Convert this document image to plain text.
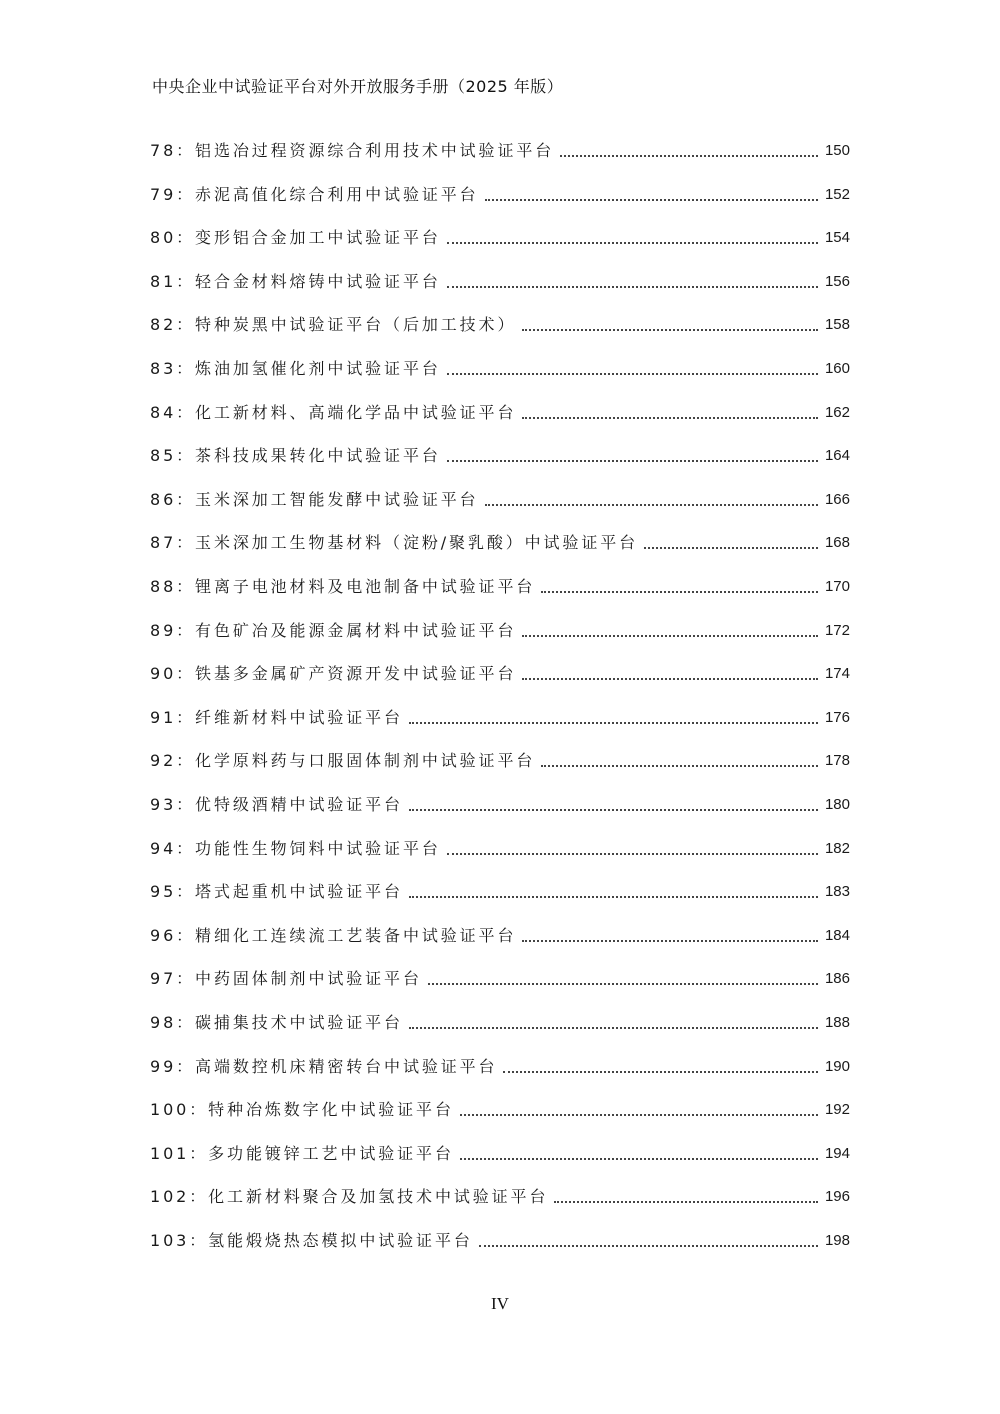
中央企业中试验证平台对外开放服务手册（2025 年版）
78：铝选冶过程资源综合利用技术中试验证平台	150
79：赤泥高值化综合利用中试验证平台	152
80：变形铝合金加工中试验证平台	154
81：轻合金材料熔铸中试验证平台	156
82：特种炭黑中试验证平台（后加工技术）	158
83：炼油加氢催化剂中试验证平台	160
84：化工新材料、高端化学品中试验证平台	162
85：茶科技成果转化中试验证平台	164
86：玉米深加工智能发酵中试验证平台	166
87：玉米深加工生物基材料（淀粉/聚乳酸）中试验证平台	168
88：锂离子电池材料及电池制备中试验证平台	170
89：有色矿冶及能源金属材料中试验证平台	172
90：铁基多金属矿产资源开发中试验证平台	174
91：纤维新材料中试验证平台	176
92：化学原料药与口服固体制剂中试验证平台	178
93：优特级酒精中试验证平台	180
94：功能性生物饲料中试验证平台	182
95：塔式起重机中试验证平台	183
96：精细化工连续流工艺装备中试验证平台	184
97：中药固体制剂中试验证平台	186
98：碳捕集技术中试验证平台	188
99：高端数控机床精密转台中试验证平台	190
100：特种冶炼数字化中试验证平台	192
101：多功能镀锌工艺中试验证平台	194
102：化工新材料聚合及加氢技术中试验证平台	196
103：氢能煅烧热态模拟中试验证平台	198
IV
